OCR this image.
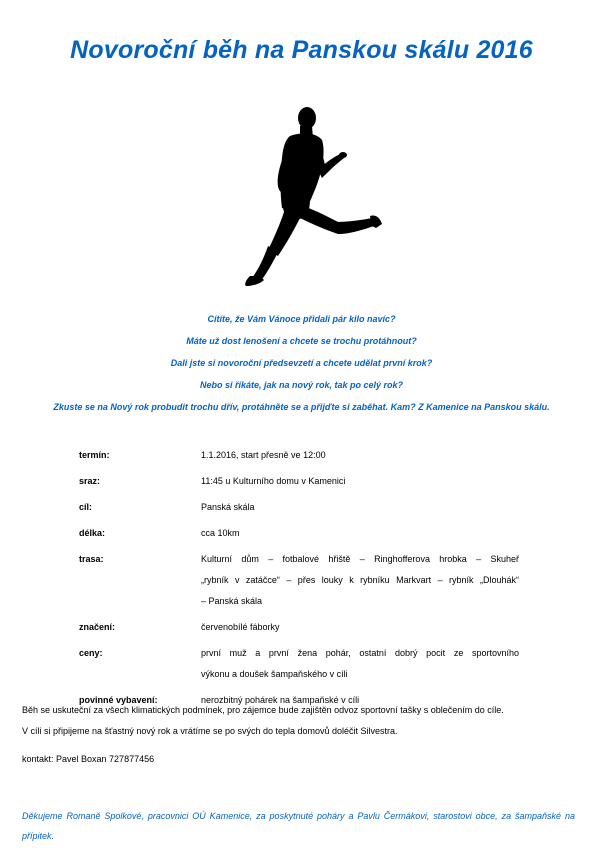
Novoroční běh na Panskou skálu 2016
Cítíte, že Vám Vánoce přidali pár kilo navíc?
Máte už dost lenošení a chcete se trochu protáhnout?
Dali jste si novoroční předsevzetí a chcete udělat první krok?
Nebo si říkáte, jak na nový rok, tak po celý rok?
Zkuste se na Nový rok probudit trochu dřív, protáhněte se a přijďte si zaběhat. Kam? Z Kamenice na Panskou skálu.
termín:	1.1.2016, start přesně ve 12:00
sraz:	11:45 u Kulturního domu v Kamenici
cíl:	Panská skála
délka:	cca 10km
trasa:	Kulturní dům – fotbalové hřiště – Ringhofferova hrobka – Skuheř
„rybník v zatáčce“ – přes louky k rybníku Markvart – rybník „Dlouhák“
– Panská skála
značení:	červenobílé fáborky
ceny:	první muž a první žena pohár, ostatní dobrý pocit ze sportovního
výkonu a doušek šampaňského v cíli
povinné vybavení:	nerozbitný pohárek na šampaňské v cíli
Běh se uskuteční za všech klimatických podmínek, pro zájemce bude zajištěn odvoz sportovní tašky s oblečením do cíle.
V cíli si připijeme na šťastný nový rok a vrátíme se po svých do tepla domovů doléčit Silvestra.
kontakt: Pavel Boxan 727877456
Děkujeme Romaně Spolkové, pracovnici OÚ Kamenice, za poskytnuté poháry a Pavlu Čermákovi, starostovi obce, za šampaňské na přípitek.
